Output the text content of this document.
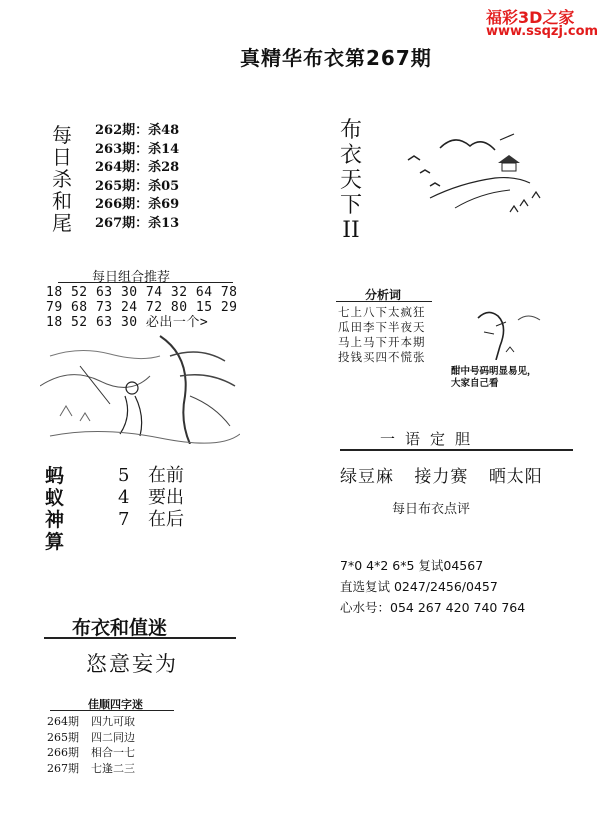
福彩3D之家
www.ssqzj.com
真精华布衣第267期
每
日
杀
和
尾
262期：杀48
263期：杀14
264期：杀28
265期：杀05
266期：杀69
267期：杀13
每日组合推荐
18 52 63 30 74 32 64 78
79 68 73 24 72 80 15 29
18 52 63 30 必出一个>
蚂
蚁
神
算
5 在前
4 要出
7 在后
布衣和值迷
恣意妄为
佳顺四字迷
264期 四九可取
265期 四二同边
266期 相合一七
267期 七逢二三
布
衣
天
下
II
分析词
七上八下太疯狂
瓜田李下半夜天
马上马下开本期
投钱买四不慌张
酣中号码明显易见，
大家自己看
一语定胆
绿豆麻 接力赛 晒太阳
每日布衣点评
7*0 4*2 6*5 复试04567
直选复试 0247/2456/0457
心水号：054 267 420 740 764
